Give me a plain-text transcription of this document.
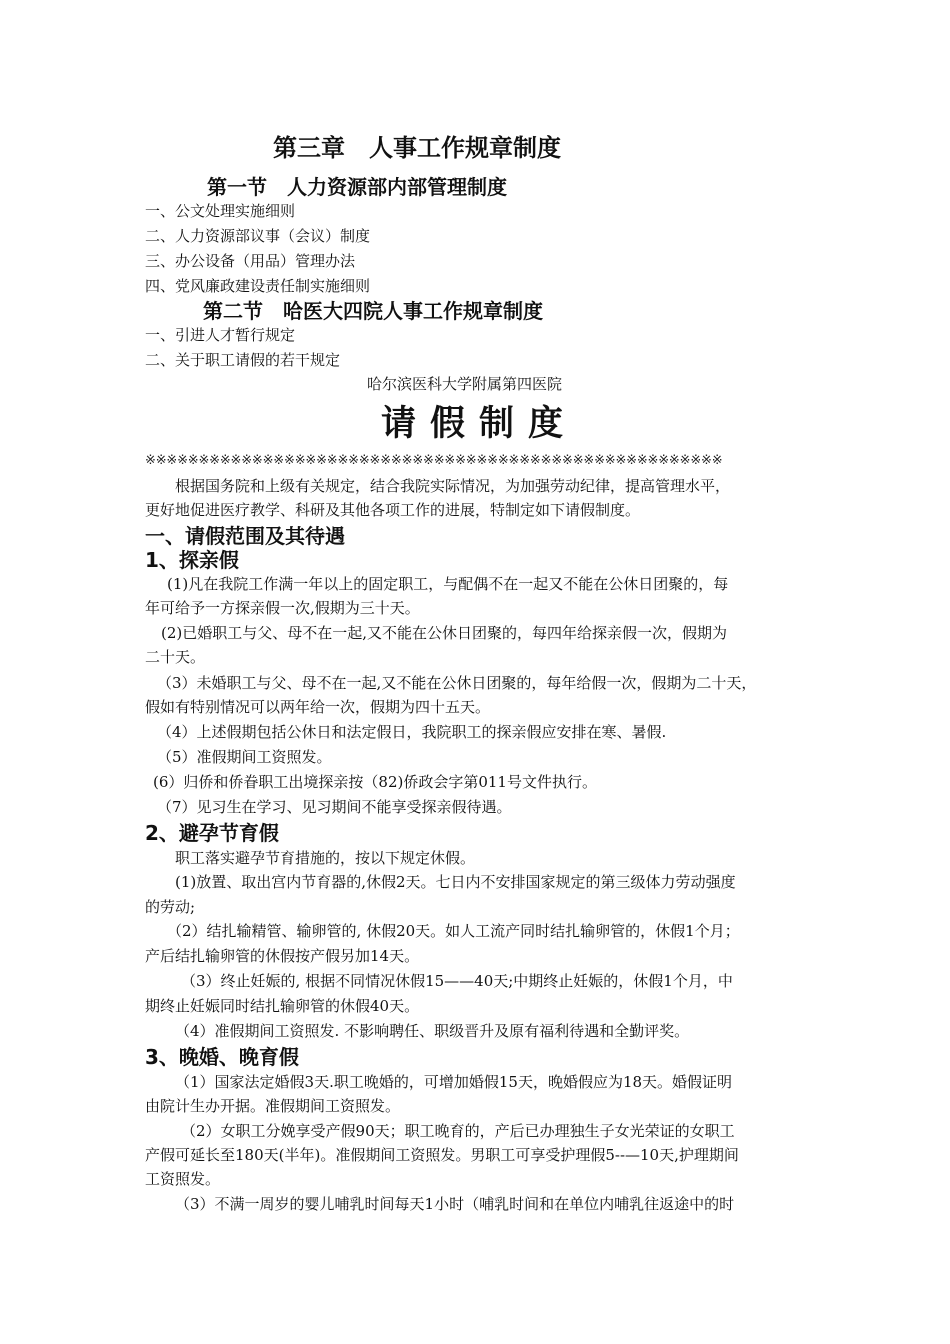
第三章　人事工作规章制度
第一节　人力资源部内部管理制度
一、公文处理实施细则
二、人力资源部议事（会议）制度
三、办公设备（用品）管理办法
四、党风廉政建设责任制实施细则
第二节　哈医大四院人事工作规章制度
一、引进人才暂行规定
二、关于职工请假的若干规定
哈尔滨医科大学附属第四医院
请假制度
※※※※※※※※※※※※※※※※※※※※※※※※※※※※※※※※※※※※※※※※※※※※※※※※※※※※※※
根据国务院和上级有关规定，结合我院实际情况，为加强劳动纪律，提高管理水平，
更好地促进医疗教学、科研及其他各项工作的进展，特制定如下请假制度。
一、请假范围及其待遇
1、探亲假
(1)凡在我院工作满一年以上的固定职工，与配偶不在一起又不能在公休日团聚的，每
年可给予一方探亲假一次,假期为三十天。
(2)已婚职工与父、母不在一起,又不能在公休日团聚的，每四年给探亲假一次，假期为
二十天。
（3）未婚职工与父、母不在一起,又不能在公休日团聚的，每年给假一次，假期为二十天，
假如有特别情况可以两年给一次，假期为四十五天。
（4）上述假期包括公休日和法定假日，我院职工的探亲假应安排在寒、暑假.
（5）准假期间工资照发。
(6）归侨和侨眷职工出境探亲按（82)侨政会字第011号文件执行。
（7）见习生在学习、见习期间不能享受探亲假待遇。
2、避孕节育假
职工落实避孕节育措施的，按以下规定休假。
(1)放置、取出宫内节育器的,休假2天。七日内不安排国家规定的第三级体力劳动强度
的劳动;
（2）结扎输精管、输卵管的, 休假20天。如人工流产同时结扎输卵管的，休假1个月；
产后结扎输卵管的休假按产假另加14天。
（3）终止妊娠的, 根据不同情况休假15——40天;中期终止妊娠的，休假1个月，中
期终止妊娠同时结扎输卵管的休假40天。
（4）准假期间工资照发. 不影响聘任、职级晋升及原有福利待遇和全勤评奖。
3、晚婚、晚育假
（1）国家法定婚假3天.职工晚婚的，可增加婚假15天，晚婚假应为18天。婚假证明
由院计生办开据。准假期间工资照发。
（2）女职工分娩享受产假90天；职工晚育的，产后已办理独生子女光荣证的女职工
产假可延长至180天(半年)。准假期间工资照发。男职工可享受护理假5--—10天,护理期间
工资照发。
（3）不满一周岁的婴儿哺乳时间每天1小时（哺乳时间和在单位内哺乳往返途中的时
